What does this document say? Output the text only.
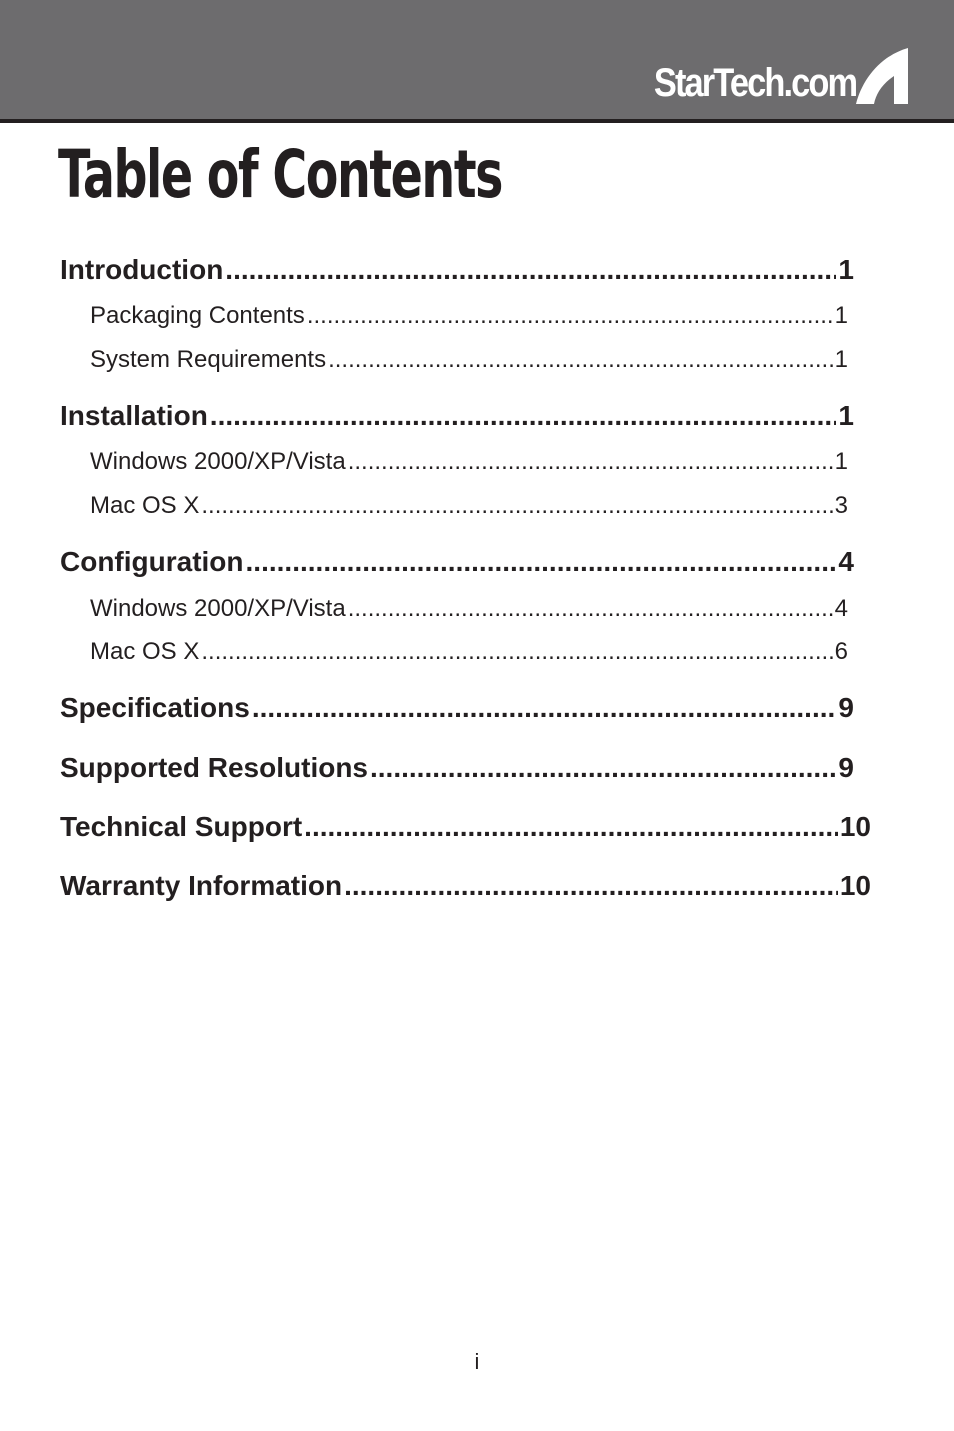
StarTech.com
Table of Contents
Introduction .....	1
Packaging Contents .....	1
System Requirements .....	1
Installation .....	1
Windows 2000/XP/Vista .....	1
Mac OS X .....	3
Configuration .....	4
Windows 2000/XP/Vista .....	4
Mac OS X .....	6
Specifications .....	9
Supported Resolutions .....	9
Technical Support .....	10
Warranty Information .....	10
i
